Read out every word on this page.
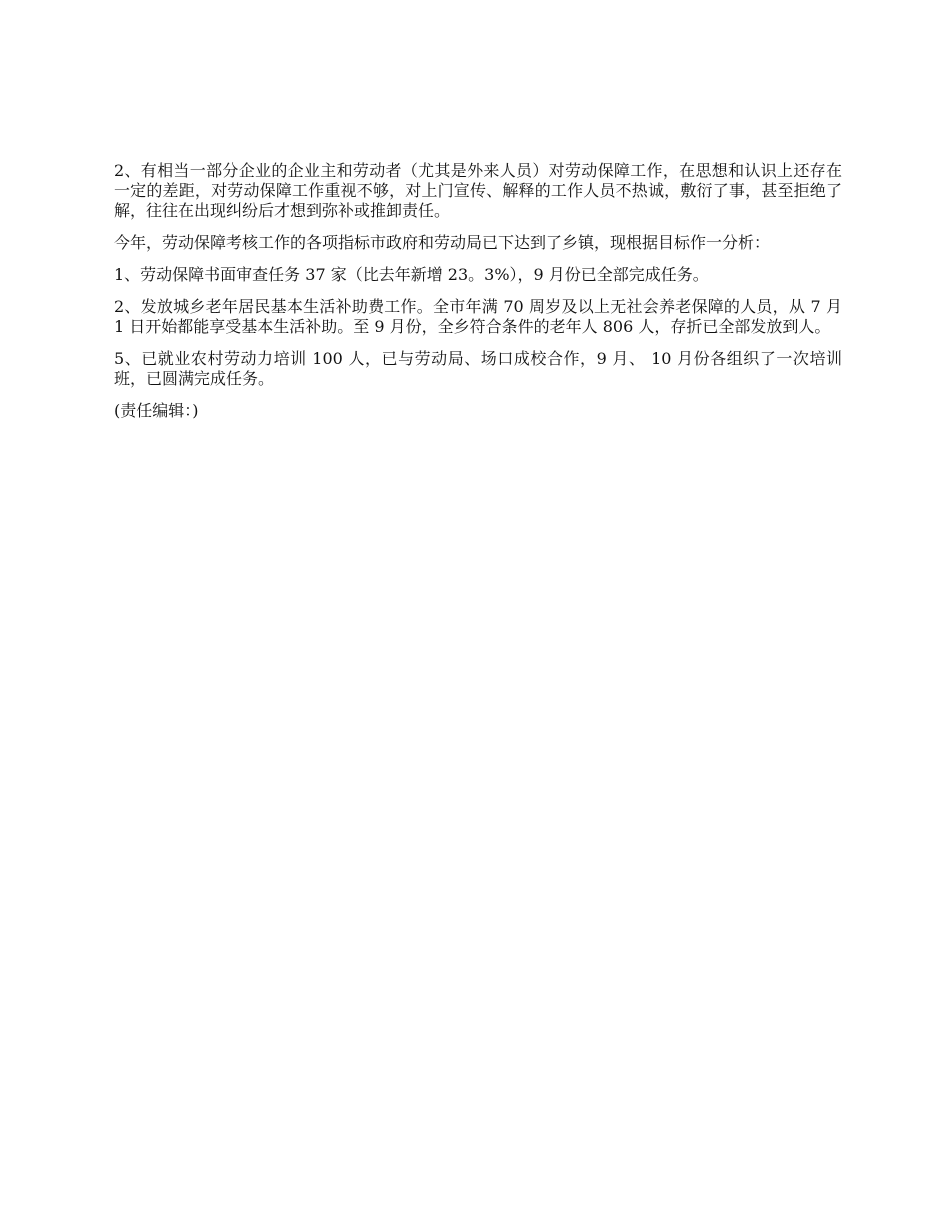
2、有相当一部分企业的企业主和劳动者（尤其是外来人员）对劳动保障工作，在思想和认识上还存在一定的差距，对劳动保障工作重视不够，对上门宣传、解释的工作人员不热诚，敷衍了事，甚至拒绝了解，往往在出现纠纷后才想到弥补或推卸责任。

今年，劳动保障考核工作的各项指标市政府和劳动局已下达到了乡镇，现根据目标作一分析：

1、劳动保障书面审查任务 37 家（比去年新增 23。3%），9 月份已全部完成任务。

2、发放城乡老年居民基本生活补助费工作。全市年满 70 周岁及以上无社会养老保障的人员，从 7 月 1 日开始都能享受基本生活补助。至 9 月份，全乡符合条件的老年人 806 人，存折已全部发放到人。

5、已就业农村劳动力培训 100 人，已与劳动局、场口成校合作，9 月、 10 月份各组织了一次培训班，已圆满完成任务。

(责任编辑：)
